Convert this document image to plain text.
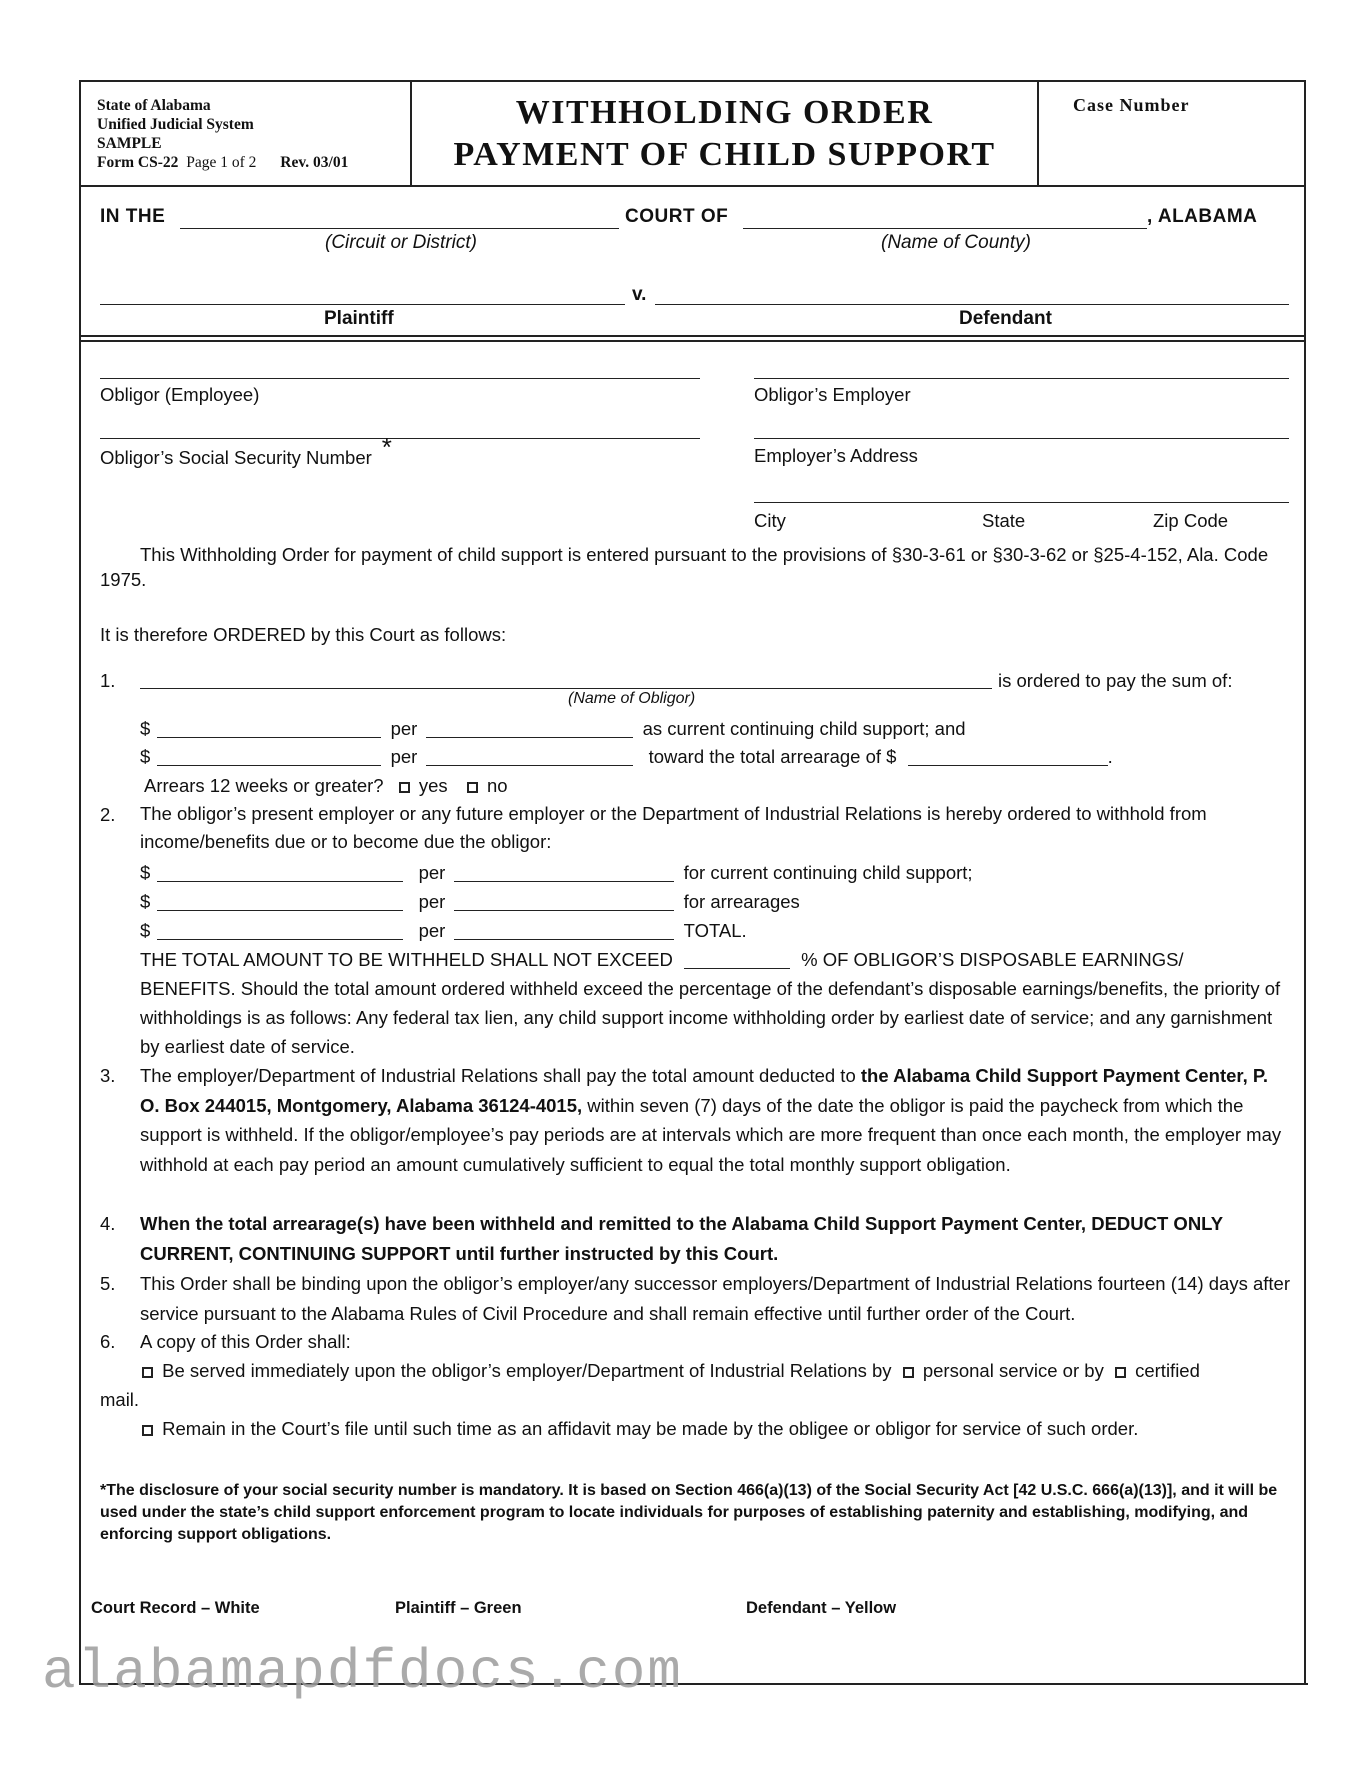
State of Alabama
Unified Judicial System
SAMPLE
Form CS-22 Page 1 of 2 Rev. 03/01
WITHHOLDING ORDER
PAYMENT OF CHILD SUPPORT
Case Number
IN THE	COURT OF	, ALABAMA
(Circuit or District)	(Name of County)
v.
Plaintiff	Defendant
Obligor (Employee)	Obligor’s Employer
Obligor’s Social Security Number *	Employer’s Address
City	State	Zip Code
This Withholding Order for payment of child support is entered pursuant to the provisions of §30-3-61 or §30-3-62 or §25-4-152, Ala. Code 1975.
It is therefore ORDERED by this Court as follows:
1.	is ordered to pay the sum of:
(Name of Obligor)
$	per	as current continuing child support; and
$	per	toward the total arrearage of $	.
Arrears 12 weeks or greater? yes no
2. The obligor’s present employer or any future employer or the Department of Industrial Relations is hereby ordered to withhold from income/benefits due or to become due the obligor:
$	per	for current continuing child support;
$	per	for arrearages
$	per	TOTAL.
THE TOTAL AMOUNT TO BE WITHHELD SHALL NOT EXCEED	% OF OBLIGOR’S DISPOSABLE EARNINGS/
BENEFITS. Should the total amount ordered withheld exceed the percentage of the defendant’s disposable earnings/benefits, the priority of withholdings is as follows: Any federal tax lien, any child support income withholding order by earliest date of service; and any garnishment by earliest date of service.
3. The employer/Department of Industrial Relations shall pay the total amount deducted to the Alabama Child Support Payment Center, P. O. Box 244015, Montgomery, Alabama 36124-4015, within seven (7) days of the date the obligor is paid the paycheck from which the support is withheld. If the obligor/employee’s pay periods are at intervals which are more frequent than once each month, the employer may withhold at each pay period an amount cumulatively sufficient to equal the total monthly support obligation.
4. When the total arrearage(s) have been withheld and remitted to the Alabama Child Support Payment Center, DEDUCT ONLY CURRENT, CONTINUING SUPPORT until further instructed by this Court.
5. This Order shall be binding upon the obligor’s employer/any successor employers/Department of Industrial Relations fourteen (14) days after service pursuant to the Alabama Rules of Civil Procedure and shall remain effective until further order of the Court.
6. A copy of this Order shall:
Be served immediately upon the obligor’s employer/Department of Industrial Relations by personal service or by certified
mail.
Remain in the Court’s file until such time as an affidavit may be made by the obligee or obligor for service of such order.
*The disclosure of your social security number is mandatory. It is based on Section 466(a)(13) of the Social Security Act [42 U.S.C. 666(a)(13)], and it will be used under the state’s child support enforcement program to locate individuals for purposes of establishing paternity and establishing, modifying, and enforcing support obligations.
Court Record – White	Plaintiff – Green	Defendant – Yellow
alabamapdfdocs.com
